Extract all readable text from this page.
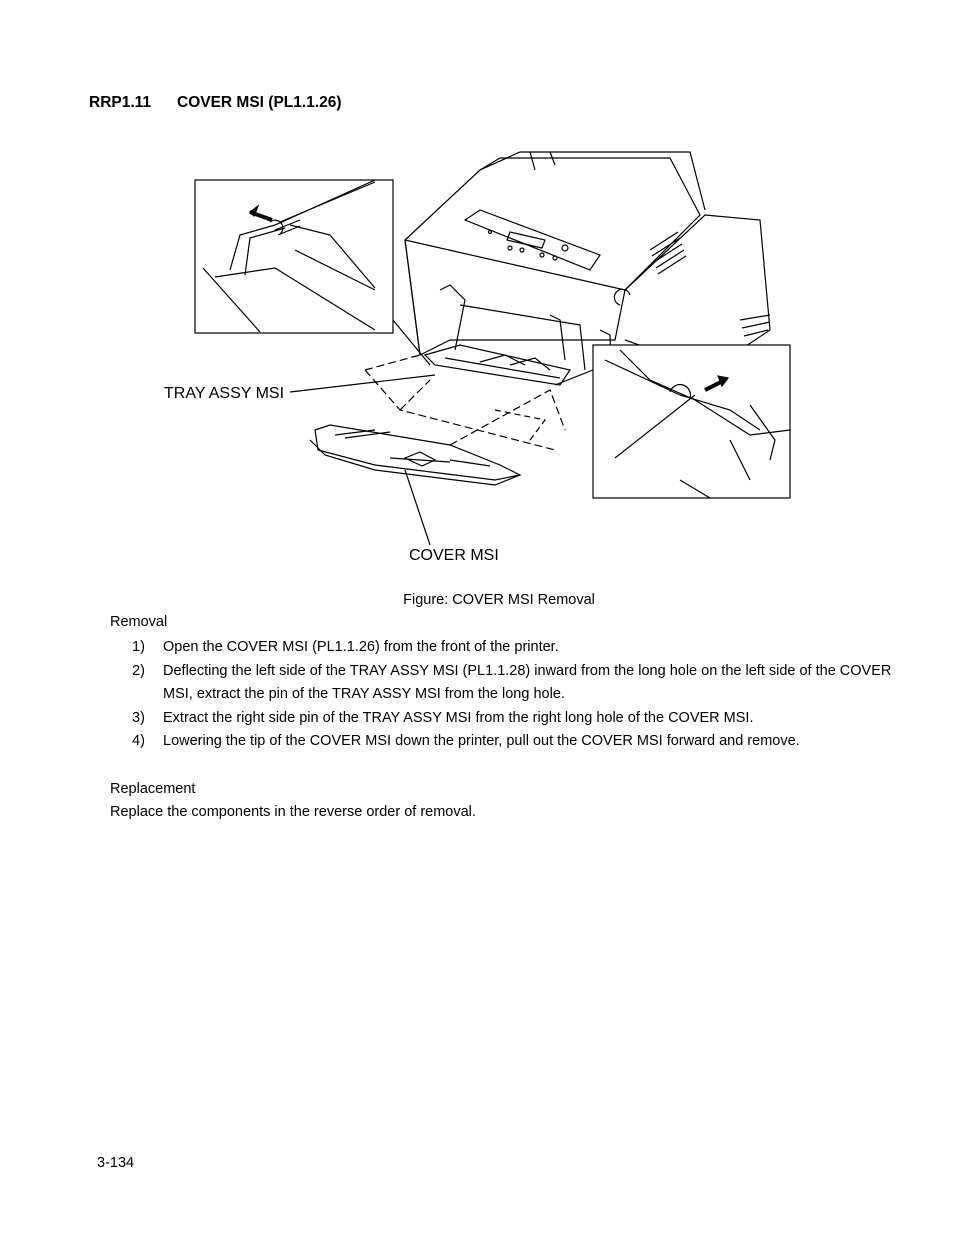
RRP1.11 COVER MSI (PL1.1.26)
TRAY ASSY MSI
COVER MSI
Figure: COVER MSI Removal
Removal
1) Open the COVER MSI (PL1.1.26) from the front of the printer.
2) Deflecting the left side of the TRAY ASSY MSI (PL1.1.28) inward from the long hole on the left side of the COVER MSI, extract the pin of the TRAY ASSY MSI from the long hole.
3) Extract the right side pin of the TRAY ASSY MSI from the right long hole of the COVER MSI.
4) Lowering the tip of the COVER MSI down the printer, pull out the COVER MSI forward and remove.
Replacement
Replace the components in the reverse order of removal.
3-134
